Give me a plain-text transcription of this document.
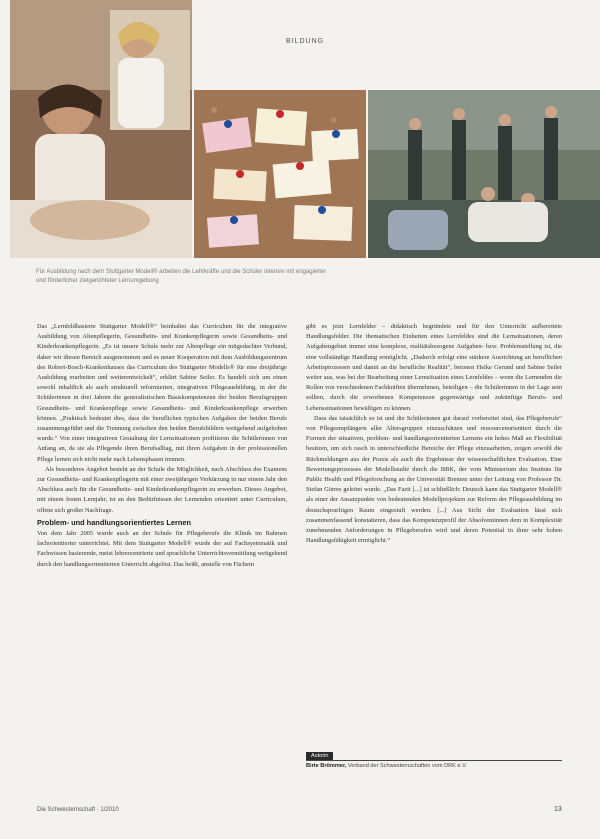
BILDUNG
Für Ausbildung nach dem Stuttgarter Modell® arbeiten die Lehrkräfte und die Schüler intensiv mit engagierter und förderlicher zielgerichteter Lernumgebung

Das „Lernfeldbasierte Stuttgarter Modell®“ beinhaltet das Curriculum für die integrative Ausbildung von Altenpflegerin, Gesundheits- und Krankenpflegerin sowie Gesundheits- und Kinderkrankenpflegerin. „Es ist unsere Schule mehr zur Altenpflege ein mitgedachter Verbund, daher wir diesen Bereich ausgenommen und es neuer Kooperation mit dem Ausbildungszentrum des Robert-Bosch-Krankenhauses das Curriculum des Stuttgarter Modells® für eine dreijährige Ausbildung erarbeiten und weiterentwickelt“, erklärt Sabine Seiler. Es handelt sich um einen sowohl inhaltlich als auch strukturell reformierten, integrativen Pflegeausbildung, in der die Schülerinnen in drei Jahren die generalistischen Basiskompetenzen der beiden Berufsgruppen Gesundheits- und Krankenpflege sowie Gesundheits- und Kinderkrankenpflege erwerben können. „Praktisch bedeutet dies, dass die beruflichen typischen Aufgaben der beiden Berufe zusammengeführt und die Trennung zwischen den beiden Berufsbildern weitgehend aufgehoben wurde.“ Von einer integrativen Gestaltung der Lernsituationen profitieren die Schülerinnen von Anfang an, da sie als Pflegende ihren Berufsalltag, mit ihren Aufgaben in der professionellen Pflege lernen sich nicht mehr nach Lebensphasen trennen.

Als besonderes Angebot besteht an der Schule die Möglichkeit, nach Abschluss des Examens zur Gesundheits- und Krankenpflegerin mit einer zweijährigen Verkürzung in nur einem Jahr den Abschluss auch für die Gesundheits- und Kinderkrankenpflegerin zu erwerben. Dieses Angebot, mit einem festen Lernjahr, ist an den Bedürfnissen der Lernenden orientiert unter Curriculum, offene sich großer Nachfrage.

Problem- und handlungsorientiertes Lernen

Von dem Jahr 2005 wurde auch an der Schule für Pflegeberufe die Klinik im Rahmen fachorientierter unterrichtet. Mit dem Stuttgarter Modell® wurde der auf Fachsystematik und Fachwissen basierende, meist lehrerzentrierte und sprachliche Unterrichtsvermittlung weitgehend durch den handlungsorientierten Unterricht abgelöst. Das heißt, anstelle von Fächern

gibt es jetzt Lernfelder – didaktisch begründete und für den Unterricht aufbereitete Handlungsfelder. Die thematischen Einheiten eines Lernfeldes sind die Lernsituationen, deren Aufgabengebiet immer eine komplexe, realitätsbezogene Aufgaben- bzw. Problemstellung ist, die eine vollständige Handlung ermöglicht. „Dadurch erfolgt eine stärkere Ausrichtung an beruflichen Arbeitsprozessen und damit an die berufliche Realität“, betonen Heike Gerund und Sabine Seiler weiter aus, was bei der Bearbeitung einer Lernsituation eines Lernfeldes – wenn die Lernenden die Rollen von verschiedenen Fachkräften übernehmen, beteiligen – die Schülerinnen in der Lage sein sollten, durch die erworbenen Kompetenzen gegenwärtige und zukünftige Berufs- und Lebenssituationen bewältigen zu können.

Dass das tatsächlich so ist und die Schülerinnen gut darauf vorbereitet sind, das Pflegeberufe“ von Pflegeempfängern aller Altersgruppen einzuschätzen und ressourcenorientiert durch die Formen der situativen, problem- und handlungsorientierten Lernens ein hohes Maß an Flexibilität besitzen, um sich rasch in unterschiedliche Bereiche der Pflege einzuarbeiten, zeigen sowohl die Rückmeldungen aus der Praxis als auch die Ergebnisse der wissenschaftlichen Evaluation. Eine Bewertungsprozesses der Modellstudie durch die BBK, der vom Ministerium des Instituts für Public Health und Pflegeforschung an der Universität Bremen unter der Leitung von Professor Dr. Stefan Görres geleitet wurde. „Das Fazit [...] ist schließlich: Deutsch kann das Stuttgarter Modell® als einer der Ansatzpunkte von bedeutenden Modellprojekten zur Reform der Pflegeausbildung im deutschsprachigen Raum eingestuft werden. [...] Aus Sicht der Evaluation lässt sich zusammenfassend konstatieren, dass das Kompetenzprofil der Absolventinnen dem in Komplexität zunehmenden Anforderungen in Pflegeberufen wird und deren Potential in ihrer sehr hohen Handlungsfähigkeit ermöglicht.“

Autorin
Birte Brömmer, Verband der Schwesternschaften vom DRK e.V.
Die Schwesternschaft · 1/2010	13
